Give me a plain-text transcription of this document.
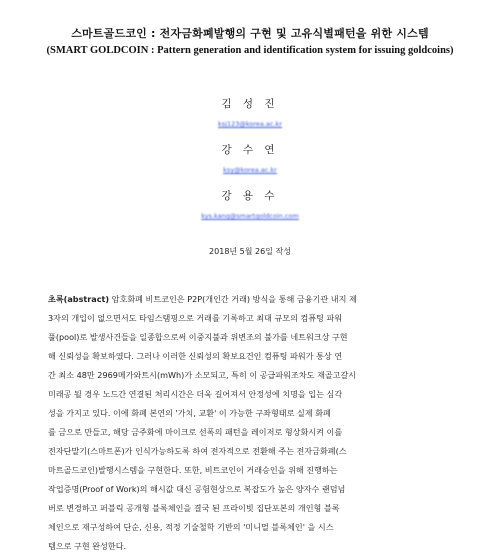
스마트골드코인 : 전자금화폐발행의 구현 및 고유식별패턴을 위한 시스템
(SMART GOLDCOIN : Pattern generation and identification system for issuing goldcoins)
김 성 진
ksj123@korea.ac.kr
강 수 연
ksy@korea.ac.kr
강 용 수
kys.kang@smartgoldcoin.com
2018년 5월 26일 작성
초록(abstract) 암호화폐 비트코인은 P2P(개인간 거래) 방식을 통해 금융기관 내지 제
3자의 개입이 없으면서도 타임스탬핑으로 거래를 기록하고 최대 규모의 컴퓨팅 파워
풀(pool)로 발생사건들을 일종합으로써 이중지불과 위변조의 불가를 네트워크상 구현
해 신뢰성을 확보하였다. 그러나 이러한 신뢰성의 확보요건인 컴퓨팅 파워가 통상 연
간 최소 48만 2969메가와트시(mWh)가 소모되고, 특히 이 공급파워조차도 재골고갈시
미래공 될 경우 노드간 연결된 처리시간은 더욱 길어져서 안정성에 치명을 입는 심각
성을 가지고 있다. 이에 화폐 본연의 '가치, 교환' 이 가능한 구좌형태로 실제 화폐
를 금으로 만들고, 해당 금주화에 마이크로 선폭의 패턴을 레이저로 형상화시켜 이를
전자단말기(스마트폰)가 인식가능하도록 하여 전자적으로 전환해 주는 전자금화폐(스
마트골드코인)발행시스템을 구현한다. 또한, 비트코인이 거래승인을 위해 진행하는
작업증명(Proof of Work)의 해시값 대신 공험현상으로 복잡도가 높은 양자수 랜덤넘
버로 변경하고 퍼블릭 공개형 블록체인을 결국 된 프라이빗 집단포본의 개인형 블록
체인으로 재구성하여 단순, 신용, 적정 기술철학 기반의 '미니멀 블록체인' 을 시스
템으로 구현 완성한다.
